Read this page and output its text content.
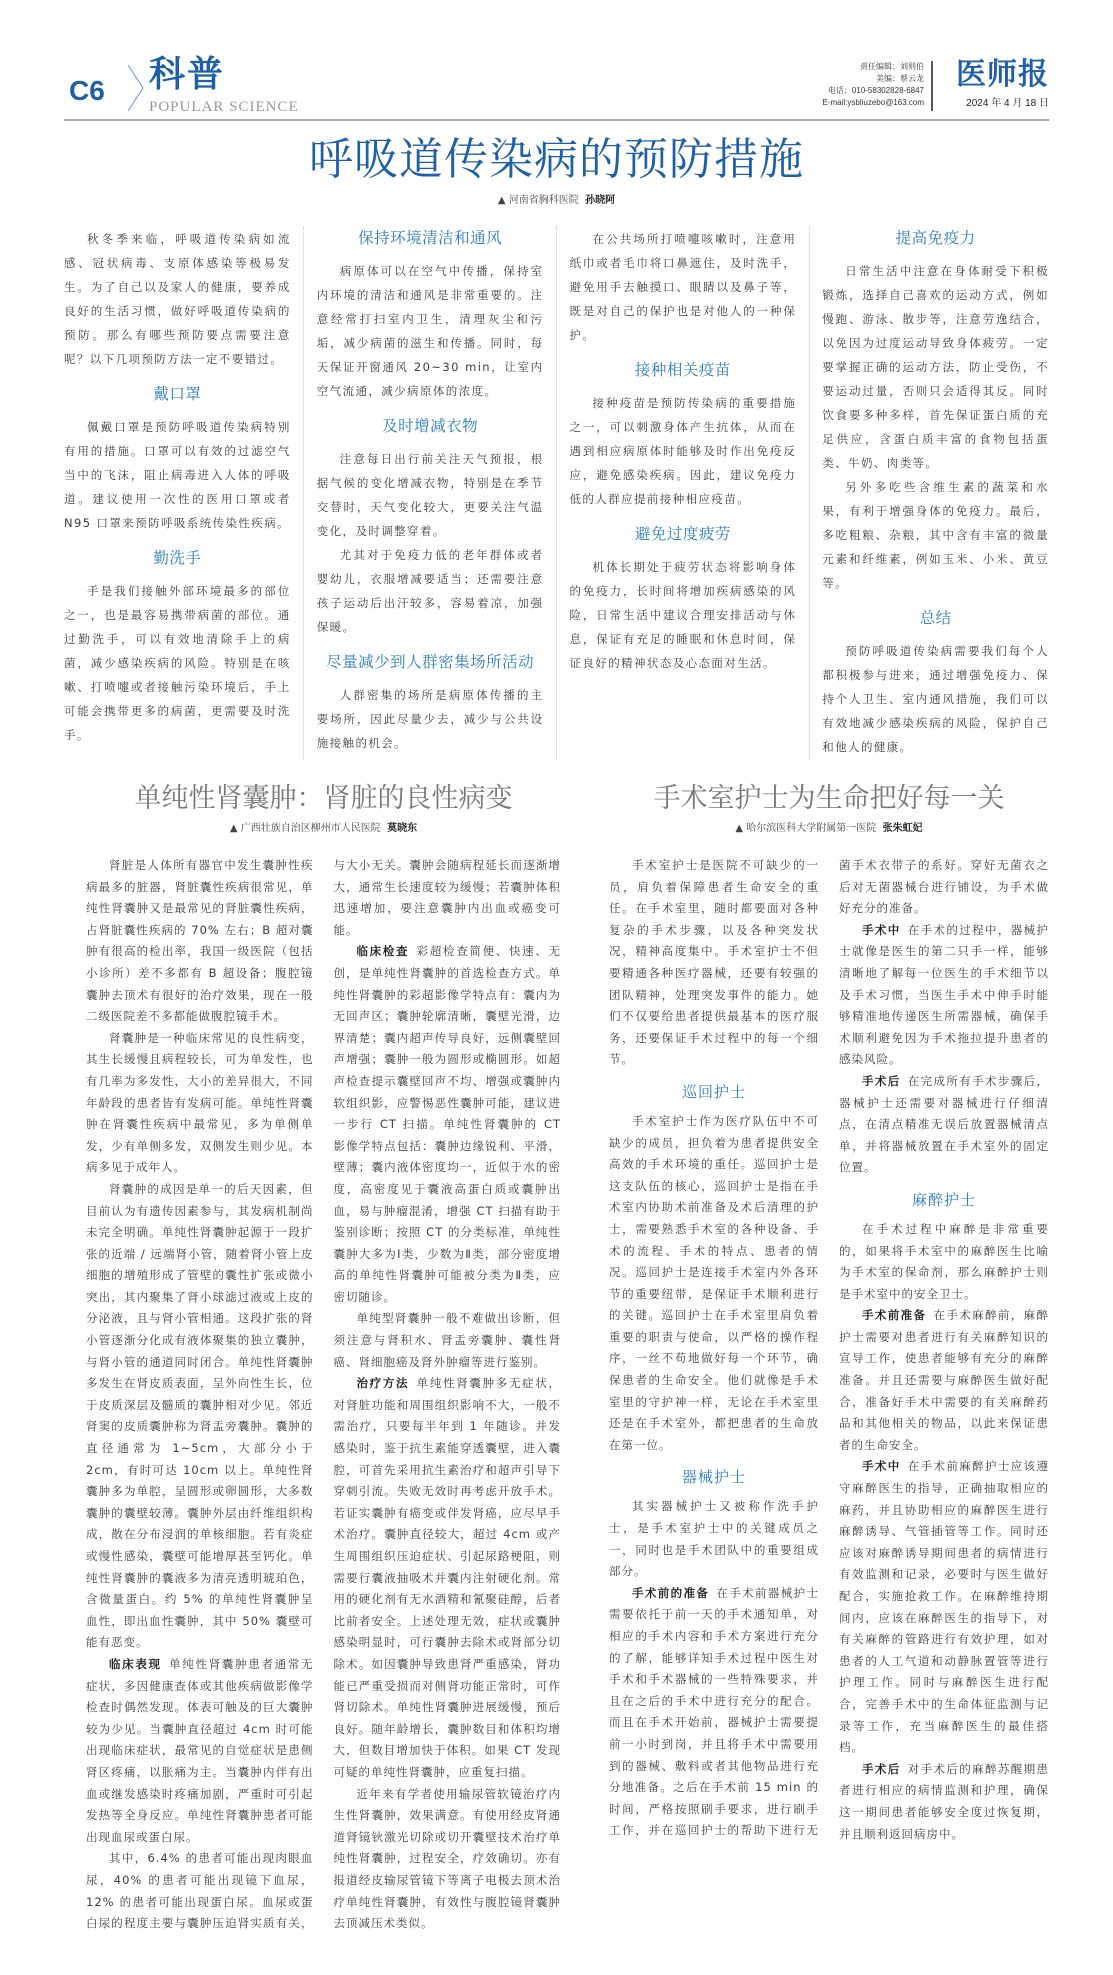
C6 科普
POPULAR SCIENCE
责任编辑：刘则伯
美编：蔡云龙
电话：010-58302828-6847
E-mail:ysbliuzebo@163.com
医师报
2024 年 4 月 18 日
呼吸道传染病的预防措施
▲ 河南省胸科医院 孙晓阿

秋冬季来临，呼吸道传染病如流感、冠状病毒、支原体感染等极易发生。为了自己以及家人的健康，要养成良好的生活习惯，做好呼吸道传染病的预防。那么有哪些预防要点需要注意呢？以下几项预防方法一定不要错过。

戴口罩

佩戴口罩是预防呼吸道传染病特别有用的措施。口罩可以有效的过滤空气当中的飞沫，阻止病毒进入人体的呼吸道。建议使用一次性的医用口罩或者 N95 口罩来预防呼吸系统传染性疾病。

勤洗手

手是我们接触外部环境最多的部位之一，也是最容易携带病菌的部位。通过勤洗手，可以有效地清除手上的病菌，减少感染疾病的风险。特别是在咳嗽、打喷嚏或者接触污染环境后，手上可能会携带更多的病菌，更需要及时洗手。

保持环境清洁和通风

病原体可以在空气中传播，保持室内环境的清洁和通风是非常重要的。注意经常打扫室内卫生，清理灰尘和污垢，减少病菌的滋生和传播。同时，每天保证开窗通风 20~30 min，让室内空气流通，减少病原体的浓度。

及时增减衣物

注意每日出行前关注天气预报，根据气候的变化增减衣物，特别是在季节交替时，天气变化较大，更要关注气温变化，及时调整穿着。

尤其对于免疫力低的老年群体或者婴幼儿，衣服增减要适当；还需要注意孩子运动后出汗较多，容易着凉，加强保暖。

尽量减少到人群密集场所活动

人群密集的场所是病原体传播的主要场所，因此尽量少去，减少与公共设施接触的机会。

在公共场所打喷嚏咳嗽时，注意用纸巾或者毛巾将口鼻遮住，及时洗手，避免用手去触摸口、眼睛以及鼻子等，既是对自己的保护也是对他人的一种保护。

接种相关疫苗

接种疫苗是预防传染病的重要措施之一，可以刺激身体产生抗体，从而在遇到相应病原体时能够及时作出免疫反应，避免感染疾病。因此，建议免疫力低的人群应提前接种相应疫苗。

避免过度疲劳

机体长期处于疲劳状态将影响身体的免疫力，长时间将增加疾病感染的风险，日常生活中建议合理安排活动与休息，保证有充足的睡眠和休息时间，保证良好的精神状态及心态面对生活。

提高免疫力

日常生活中注意在身体耐受下积极锻炼，选择自己喜欢的运动方式，例如慢跑、游泳、散步等，注意劳逸结合，以免因为过度运动导致身体疲劳。一定要掌握正确的运动方法，防止受伤，不要运动过量，否则只会适得其反。同时饮食要多种多样，首先保证蛋白质的充足供应，含蛋白质丰富的食物包括蛋类、牛奶、肉类等。

另外多吃些含维生素的蔬菜和水果，有利于增强身体的免疫力。最后，多吃粗粮、杂粮，其中含有丰富的微量元素和纤维素，例如玉米、小米、黄豆等。

总结

预防呼吸道传染病需要我们每个人都积极参与进来，通过增强免疫力、保持个人卫生、室内通风措施，我们可以有效地减少感染疾病的风险，保护自己和他人的健康。

单纯性肾囊肿：肾脏的良性病变
▲ 广西壮族自治区柳州市人民医院 莫晓东

肾脏是人体所有器官中发生囊肿性疾病最多的脏器，肾脏囊性疾病很常见，单纯性肾囊肿又是最常见的肾脏囊性疾病，占肾脏囊性疾病的 70% 左右；B 超对囊肿有很高的检出率，我国一级医院（包括小诊所）差不多都有 B 超设备；腹腔镜囊肿去顶术有很好的治疗效果，现在一般二级医院差不多都能做腹腔镜手术。

肾囊肿是一种临床常见的良性病变，其生长缓慢且病程较长，可为单发性，也有几率为多发性，大小的差异很大，不同年龄段的患者皆有发病可能。单纯性肾囊肿在肾囊性疾病中最常见，多为单侧单发，少有单侧多发，双侧发生则少见。本病多见于成年人。

肾囊肿的成因是单一的后天因素，但目前认为有遗传因素参与，其发病机制尚未完全明确。单纯性肾囊肿起源于一段扩张的近端 / 远端肾小管，随着肾小管上皮细胞的增殖形成了管壁的囊性扩张或微小突出，其内聚集了肾小球滤过液或上皮的分泌液，且与肾小管相通。这段扩张的肾小管逐渐分化成有液体聚集的独立囊肿，与肾小管的通道同时闭合。单纯性肾囊肿多发生在肾皮质表面，呈外向性生长，位于皮质深层及髓质的囊肿相对少见。邻近肾窦的皮质囊肿称为肾盂旁囊肿。囊肿的直径通常为 1~5cm，大部分小于 2cm，有时可达 10cm 以上。单纯性肾囊肿多为单腔，呈圆形或卵圆形，大多数囊肿的囊壁较薄。囊肿外层由纤维组织构成，散在分布浸润的单核细胞。若有炎症或慢性感染，囊壁可能增厚甚至钙化。单纯性肾囊肿的囊液多为清亮透明琥珀色，含微量蛋白。约 5% 的单纯性肾囊肿呈血性，即出血性囊肿，其中 50% 囊壁可能有恶变。

临床表现  单纯性肾囊肿患者通常无症状，多因健康查体或其他疾病做影像学检查时偶然发现。体表可触及的巨大囊肿较为少见。当囊肿直径超过 4cm 时可能出现临床症状，最常见的自觉症状是患侧肾区疼痛，以胀痛为主。当囊肿内伴有出血或继发感染时疼痛加剧，严重时可引起发热等全身反应。单纯性肾囊肿患者可能出现血尿或蛋白尿。

其中，6.4% 的患者可能出现肉眼血尿，40% 的患者可能出现镜下血尿，12% 的患者可能出现蛋白尿。血尿或蛋白尿的程度主要与囊肿压迫肾实质有关，与大小无关。囊肿会随病程延长而逐渐增大，通常生长速度较为缓慢；若囊肿体积迅速增加，要注意囊肿内出血或癌变可能。

临床检查  彩超检查简便、快速、无创，是单纯性肾囊肿的首选检查方式。单纯性肾囊肿的彩超影像学特点有：囊内为无回声区；囊肿轮廓清晰，囊壁光滑，边界清楚；囊内超声传导良好，远侧囊壁回声增强；囊肿一般为圆形或椭圆形。如超声检查提示囊壁回声不均、增强或囊肿内软组织影，应警惕恶性囊肿可能，建议进一步行 CT 扫描。单纯性肾囊肿的 CT 影像学特点包括：囊肿边缘锐利、平滑，壁薄；囊内液体密度均一，近似于水的密度，高密度见于囊液高蛋白质或囊肿出血，易与肿瘤混淆，增强 CT 扫描有助于鉴别诊断；按照 CT 的分类标准，单纯性囊肿大多为Ⅰ类，少数为Ⅱ类，部分密度增高的单纯性肾囊肿可能被分类为Ⅱ类，应密切随诊。

单纯型肾囊肿一般不难做出诊断，但须注意与肾积水、肾盂旁囊肿、囊性肾癌、肾细胞癌及肾外肿瘤等进行鉴别。

治疗方法  单纯性肾囊肿多无症状，对肾脏功能和周围组织影响不大，一般不需治疗，只要每半年到 1 年随诊。并发感染时，鉴于抗生素能穿透囊壁，进入囊腔，可首先采用抗生素治疗和超声引导下穿刺引流。失败无效时再考虑开放手术。若证实囊肿有癌变或伴发肾癌，应尽早手术治疗。囊肿直径较大，超过 4cm 或产生周围组织压迫症状、引起尿路梗阻，则需要行囊液抽吸术并囊内注射硬化剂。常用的硬化剂有无水酒精和氰聚硅醇，后者比前者安全。上述处理无效，症状或囊肿感染明显时，可行囊肿去除术或肾部分切除术。如因囊肿导致患肾严重感染，肾功能已严重受损而对侧肾功能正常时，可作肾切除术。单纯性肾囊肿进展缓慢，预后良好。随年龄增长，囊肿数目和体积均增大，但数目增加快于体积。如果 CT 发现可疑的单纯性肾囊肿，应重复扫描。

近年来有学者使用输尿管软镜治疗内生性肾囊肿，效果满意。有使用经皮肾通道肾镜钬激光切除或切开囊壁技术治疗单纯性肾囊肿，过程安全，疗效确切。亦有报道经皮输尿管镜下等离子电极去顶术治疗单纯性肾囊肿，有效性与腹腔镜肾囊肿去顶减压术类似。

手术室护士为生命把好每一关
▲ 哈尔滨医科大学附属第一医院 张朱虹妃

手术室护士是医院不可缺少的一员，肩负着保障患者生命安全的重任。在手术室里，随时都要面对各种复杂的手术步骤，以及各种突发状况，精神高度集中。手术室护士不但要精通各种医疗器械，还要有较强的团队精神，处理突发事件的能力。她们不仅要给患者提供最基本的医疗服务，还要保证手术过程中的每一个细节。

巡回护士

手术室护士作为医疗队伍中不可缺少的成员，担负着为患者提供安全高效的手术环境的重任。巡回护士是这支队伍的核心，巡回护士是指在手术室内协助术前准备及术后清理的护士，需要熟悉手术室的各种设备、手术的流程、手术的特点、患者的情况。巡回护士是连接手术室内外各环节的重要纽带，是保证手术顺利进行的关键。巡回护士在手术室里肩负着重要的职责与使命，以严格的操作程序，一丝不苟地做好每一个环节，确保患者的生命安全。他们就像是手术室里的守护神一样，无论在手术室里还是在手术室外，都把患者的生命放在第一位。

器械护士

其实器械护士又被称作洗手护士，是手术室护士中的关键成员之一，同时也是手术团队中的重要组成部分。

手术前的准备  在手术前器械护士需要依托于前一天的手术通知单，对相应的手术内容和手术方案进行充分的了解，能够详知手术过程中医生对手术和手术器械的一些特殊要求，并且在之后的手术中进行充分的配合。而且在手术开始前，器械护士需要提前一小时到岗，并且将手术中需要用到的器械、敷料或者其他物品进行充分地准备。之后在手术前 15 min 的时间，严格按照刷手要求，进行刷手工作，并在巡回护士的帮助下进行无菌手术衣带子的系好。穿好无菌衣之后对无菌器械台进行铺设，为手术做好充分的准备。

手术中  在手术的过程中，器械护士就像是医生的第二只手一样，能够清晰地了解每一位医生的手术细节以及手术习惯，当医生手术中伸手时能够精准地传递医生所需器械，确保手术顺利避免因为手术拖拉提升患者的感染风险。

手术后  在完成所有手术步骤后，器械护士还需要对器械进行仔细清点，在清点精准无误后放置器械清点单，并将器械放置在手术室外的固定位置。

麻醉护士

在手术过程中麻醉是非常重要的，如果将手术室中的麻醉医生比喻为手术室的保命剂，那么麻醉护士则是手术室中的安全卫士。

手术前准备  在手术麻醉前，麻醉护士需要对患者进行有关麻醉知识的宣导工作，使患者能够有充分的麻醉准备。并且还需要与麻醉医生做好配合，准备好手术中需要的有关麻醉药品和其他相关的物品，以此来保证患者的生命安全。

手术中  在手术前麻醉护士应该遵守麻醉医生的指导，正确抽取相应的麻药，并且协助相应的麻醉医生进行麻醉诱导、气管插管等工作。同时还应该对麻醉诱导期间患者的病情进行有效监测和记录，必要时与医生做好配合，实施抢救工作。在麻醉维持期间内，应该在麻醉医生的指导下，对有关麻醉的管路进行有效护理，如对患者的人工气道和动静脉置管等进行护理工作。同时与麻醉医生进行配合，完善手术中的生命体征监测与记录等工作，充当麻醉医生的最佳搭档。

手术后  对手术后的麻醉苏醒期患者进行相应的病情监测和护理，确保这一期间患者能够安全度过恢复期，并且顺利返回病房中。
